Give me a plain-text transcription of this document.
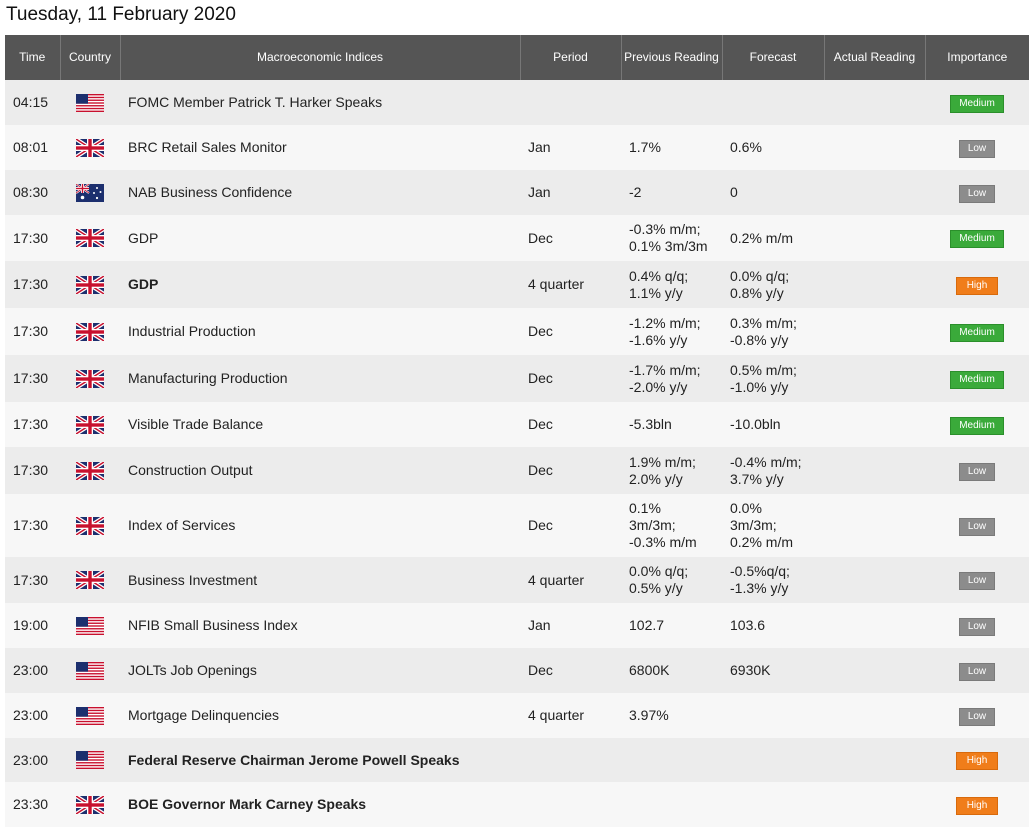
Tuesday, 11 February 2020
Time	Country	Macroeconomic Indices	Period	Previous Reading	Forecast	Actual Reading	Importance
04:15		FOMC Member Patrick T. Harker Speaks					Medium
08:01		BRC Retail Sales Monitor	Jan	1.7%	0.6%		Low
08:30		NAB Business Confidence	Jan	-2	0		Low
17:30		GDP	Dec	-0.3% m/m;
0.1% 3m/3m	0.2% m/m		Medium
17:30		GDP	4 quarter	0.4% q/q;
1.1% y/y	0.0% q/q;
0.8% y/y		High
17:30		Industrial Production	Dec	-1.2% m/m;
-1.6% y/y	0.3% m/m;
-0.8% y/y		Medium
17:30		Manufacturing Production	Dec	-1.7% m/m;
-2.0% y/y	0.5% m/m;
-1.0% y/y		Medium
17:30		Visible Trade Balance	Dec	-5.3bln	-10.0bln		Medium
17:30		Construction Output	Dec	1.9% m/m;
2.0% y/y	-0.4% m/m;
3.7% y/y		Low
17:30		Index of Services	Dec	0.1%
3m/3m;
-0.3% m/m	0.0%
3m/3m;
0.2% m/m		Low
17:30		Business Investment	4 quarter	0.0% q/q;
0.5% y/y	-0.5%q/q;
-1.3% y/y		Low
19:00		NFIB Small Business Index	Jan	102.7	103.6		Low
23:00		JOLTs Job Openings	Dec	6800K	6930K		Low
23:00		Mortgage Delinquencies	4 quarter	3.97%			Low
23:00		Federal Reserve Chairman Jerome Powell Speaks					High
23:30		BOE Governor Mark Carney Speaks					High
